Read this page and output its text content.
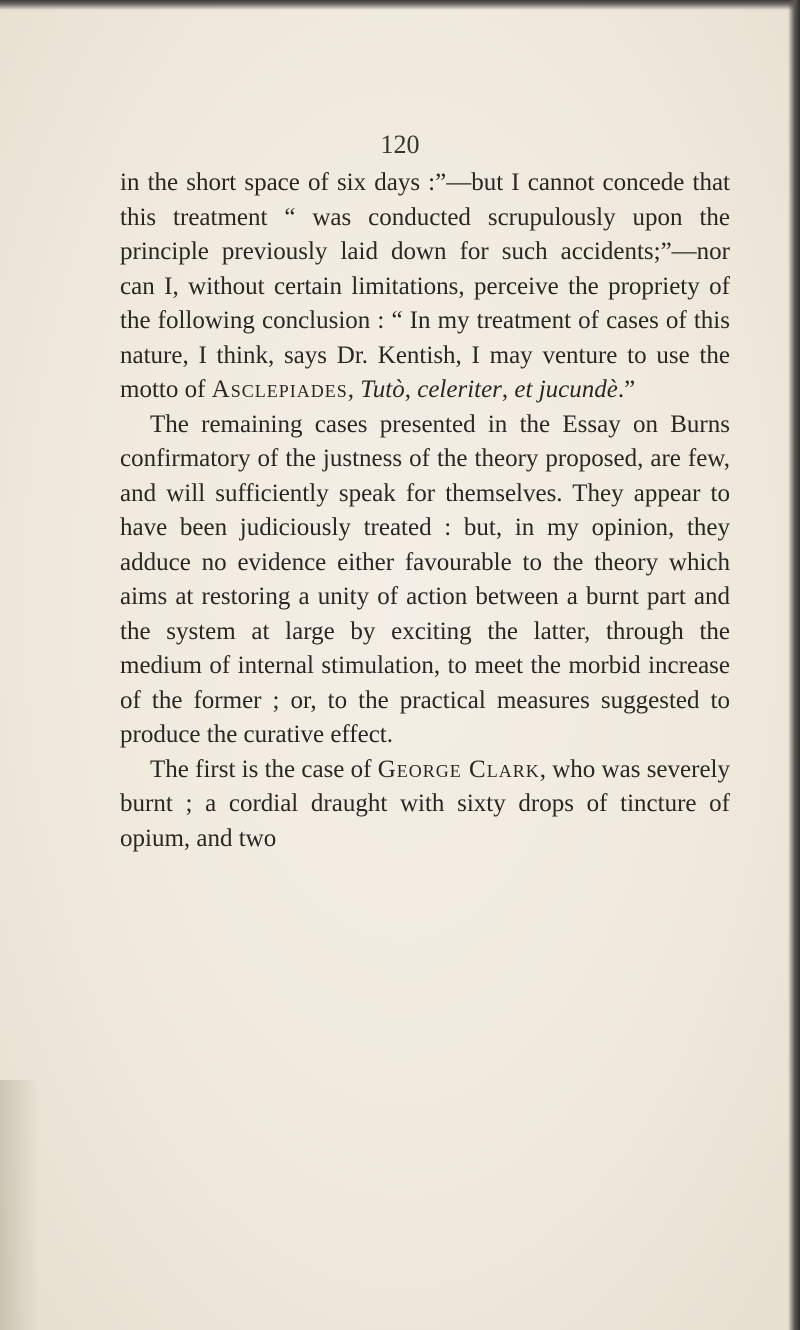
120

in the short space of six days :”—but I cannot concede that this treatment “ was conducted scrupulously upon the principle previously laid down for such accidents;”—nor can I, without certain limitations, perceive the propriety of the following conclusion : “ In my treatment of cases of this nature, I think, says Dr. Kentish, I may venture to use the motto of Asclepiades, Tutò, celeriter, et jucundè.”

The remaining cases presented in the Essay on Burns confirmatory of the justness of the theory proposed, are few, and will sufficiently speak for themselves. They appear to have been judiciously treated : but, in my opinion, they adduce no evidence either favourable to the theory which aims at restoring a unity of action between a burnt part and the system at large by exciting the latter, through the medium of internal stimulation, to meet the morbid increase of the former ; or, to the practical measures suggested to produce the curative effect.

The first is the case of George Clark, who was severely burnt ; a cordial draught with sixty drops of tincture of opium, and two
